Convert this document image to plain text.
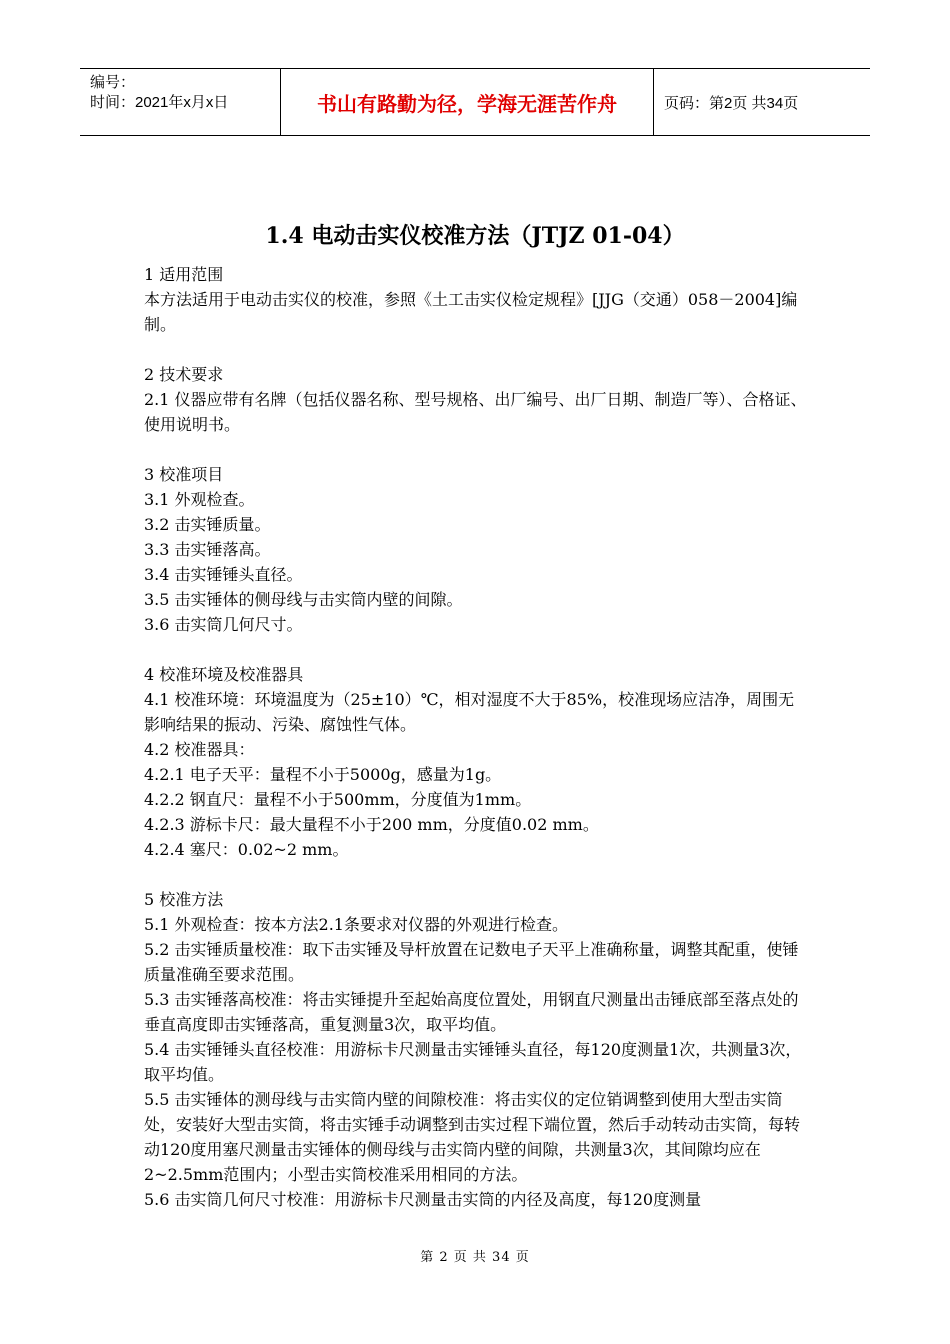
编号：
时间：2021年x月x日	书山有路勤为径，学海无涯苦作舟	页码：第2页 共34页
1.4 电动击实仪校准方法（JTJZ 01-04）

1 适用范围

本方法适用于电动击实仪的校准，参照《土工击实仪检定规程》[JJG（交通）058－2004]编制。

2 技术要求

2.1 仪器应带有名牌（包括仪器名称、型号规格、出厂编号、出厂日期、制造厂等）、合格证、使用说明书。

3 校准项目

3.1 外观检查。

3.2 击实锤质量。

3.3 击实锤落高。

3.4 击实锤锤头直径。

3.5 击实锤体的侧母线与击实筒内壁的间隙。

3.6 击实筒几何尺寸。

4 校准环境及校准器具

4.1 校准环境：环境温度为（25±10）℃，相对湿度不大于85%，校准现场应洁净，周围无影响结果的振动、污染、腐蚀性气体。

4.2 校准器具：

4.2.1 电子天平：量程不小于5000g，感量为1g。

4.2.2 钢直尺：量程不小于500mm，分度值为1mm。

4.2.3 游标卡尺：最大量程不小于200 mm，分度值0.02 mm。

4.2.4 塞尺：0.02~2 mm。

5 校准方法

5.1 外观检查：按本方法2.1条要求对仪器的外观进行检查。

5.2 击实锤质量校准：取下击实锤及导杆放置在记数电子天平上准确称量，调整其配重，使锤质量准确至要求范围。

5.3 击实锤落高校准：将击实锤提升至起始高度位置处，用钢直尺测量出击锤底部至落点处的垂直高度即击实锤落高，重复测量3次，取平均值。

5.4 击实锤锤头直径校准：用游标卡尺测量击实锤锤头直径，每120度测量1次，共测量3次，取平均值。

5.5 击实锤体的测母线与击实筒内壁的间隙校准：将击实仪的定位销调整到使用大型击实筒处，安装好大型击实筒，将击实锤手动调整到击实过程下端位置，然后手动转动击实筒，每转动120度用塞尺测量击实锤体的侧母线与击实筒内壁的间隙，共测量3次，其间隙均应在2~2.5mm范围内；小型击实筒校准采用相同的方法。

5.6 击实筒几何尺寸校准：用游标卡尺测量击实筒的内径及高度，每120度测量

第 2 页 共 34 页
